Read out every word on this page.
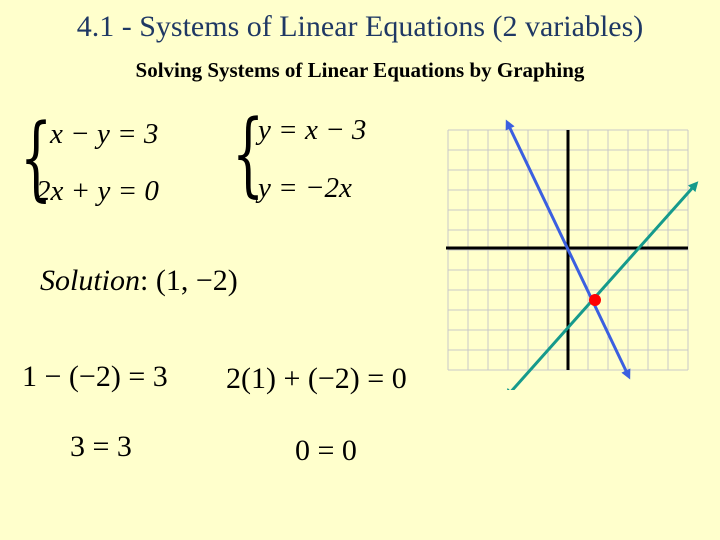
4.1 - Systems of Linear Equations (2 variables)
Solving Systems of Linear Equations by Graphing
{
x − y = 3
2x + y = 0 {
y = x − 3
y = −2x
Solution: (1, −2)
1 − (−2) = 3 2(1) + (−2) = 0
3 = 3	0 = 0
